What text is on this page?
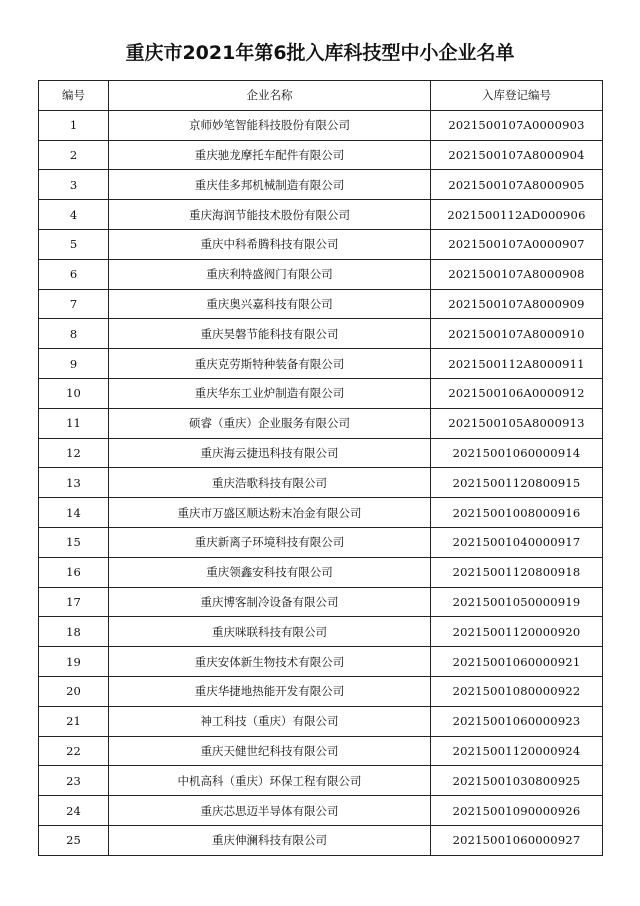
重庆市2021年第6批入库科技型中小企业名单
编号	企业名称	入库登记编号
1	京师妙笔智能科技股份有限公司	2021500107A0000903
2	重庆驰龙摩托车配件有限公司	2021500107A8000904
3	重庆佳多邦机械制造有限公司	2021500107A8000905
4	重庆海润节能技术股份有限公司	2021500112AD000906
5	重庆中科希腾科技有限公司	2021500107A0000907
6	重庆利特盛阀门有限公司	2021500107A8000908
7	重庆奥兴嘉科技有限公司	2021500107A8000909
8	重庆昊磐节能科技有限公司	2021500107A8000910
9	重庆克劳斯特种装备有限公司	2021500112A8000911
10	重庆华东工业炉制造有限公司	2021500106A0000912
11	硕睿（重庆）企业服务有限公司	2021500105A8000913
12	重庆海云捷迅科技有限公司	20215001060000914
13	重庆浩歌科技有限公司	20215001120800915
14	重庆市万盛区顺达粉末冶金有限公司	20215001008000916
15	重庆新离子环境科技有限公司	20215001040000917
16	重庆领鑫安科技有限公司	20215001120800918
17	重庆博客制冷设备有限公司	20215001050000919
18	重庆咪联科技有限公司	20215001120000920
19	重庆安体新生物技术有限公司	20215001060000921
20	重庆华捷地热能开发有限公司	20215001080000922
21	神工科技（重庆）有限公司	20215001060000923
22	重庆天健世纪科技有限公司	20215001120000924
23	中机高科（重庆）环保工程有限公司	20215001030800925
24	重庆芯思迈半导体有限公司	20215001090000926
25	重庆伸澜科技有限公司	20215001060000927
